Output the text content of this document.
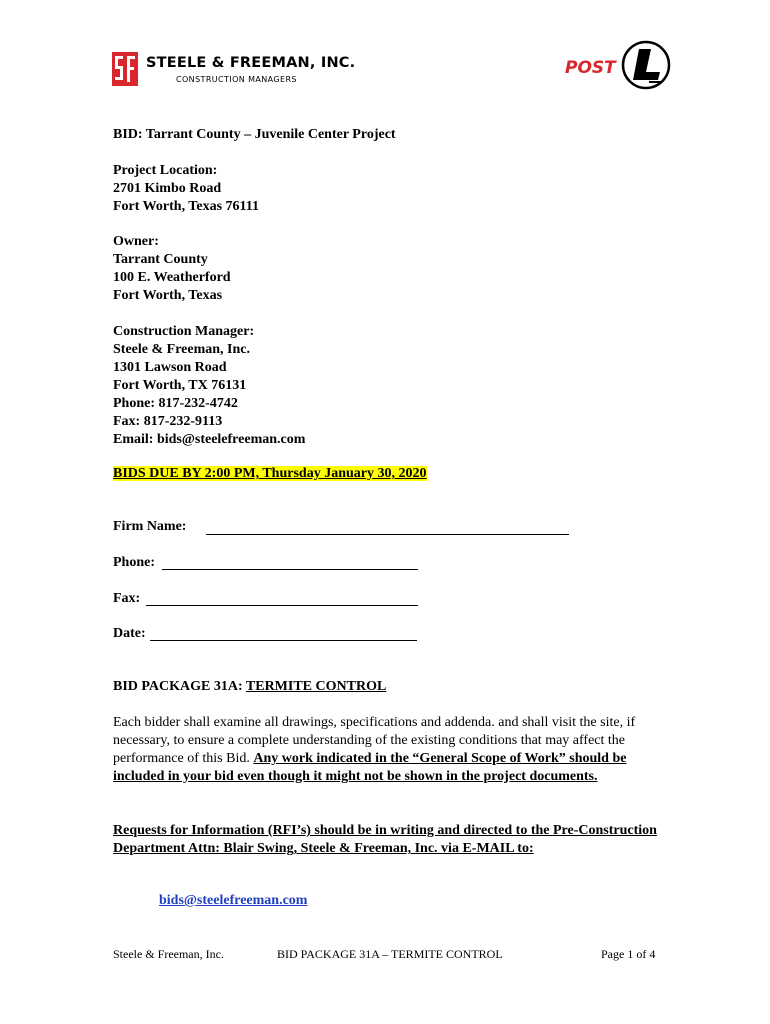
STEELE & FREEMAN, INC.
CONSTRUCTION MANAGERS
POST
BID: Tarrant County – Juvenile Center Project
Project Location:
2701 Kimbo Road
Fort Worth, Texas 76111
Owner:
Tarrant County
100 E. Weatherford
Fort Worth, Texas
Construction Manager:
Steele & Freeman, Inc.
1301 Lawson Road
Fort Worth, TX 76131
Phone: 817-232-4742
Fax: 817-232-9113
Email: bids@steelefreeman.com
BIDS DUE BY 2:00 PM, Thursday January 30, 2020
Firm Name:
Phone:
Fax:
Date:
BID PACKAGE 31A: TERMITE CONTROL
Each bidder shall examine all drawings, specifications and addenda. and shall visit the site, if necessary, to ensure a complete understanding of the existing conditions that may affect the performance of this Bid. Any work indicated in the “General Scope of Work” should be included in your bid even though it might not be shown in the project documents.
Requests for Information (RFI’s) should be in writing and directed to the Pre-Construction Department Attn: Blair Swing, Steele & Freeman, Inc. via E-MAIL to:
bids@steelefreeman.com
Steele & Freeman, Inc.	BID PACKAGE 31A – TERMITE CONTROL	Page 1 of 4
